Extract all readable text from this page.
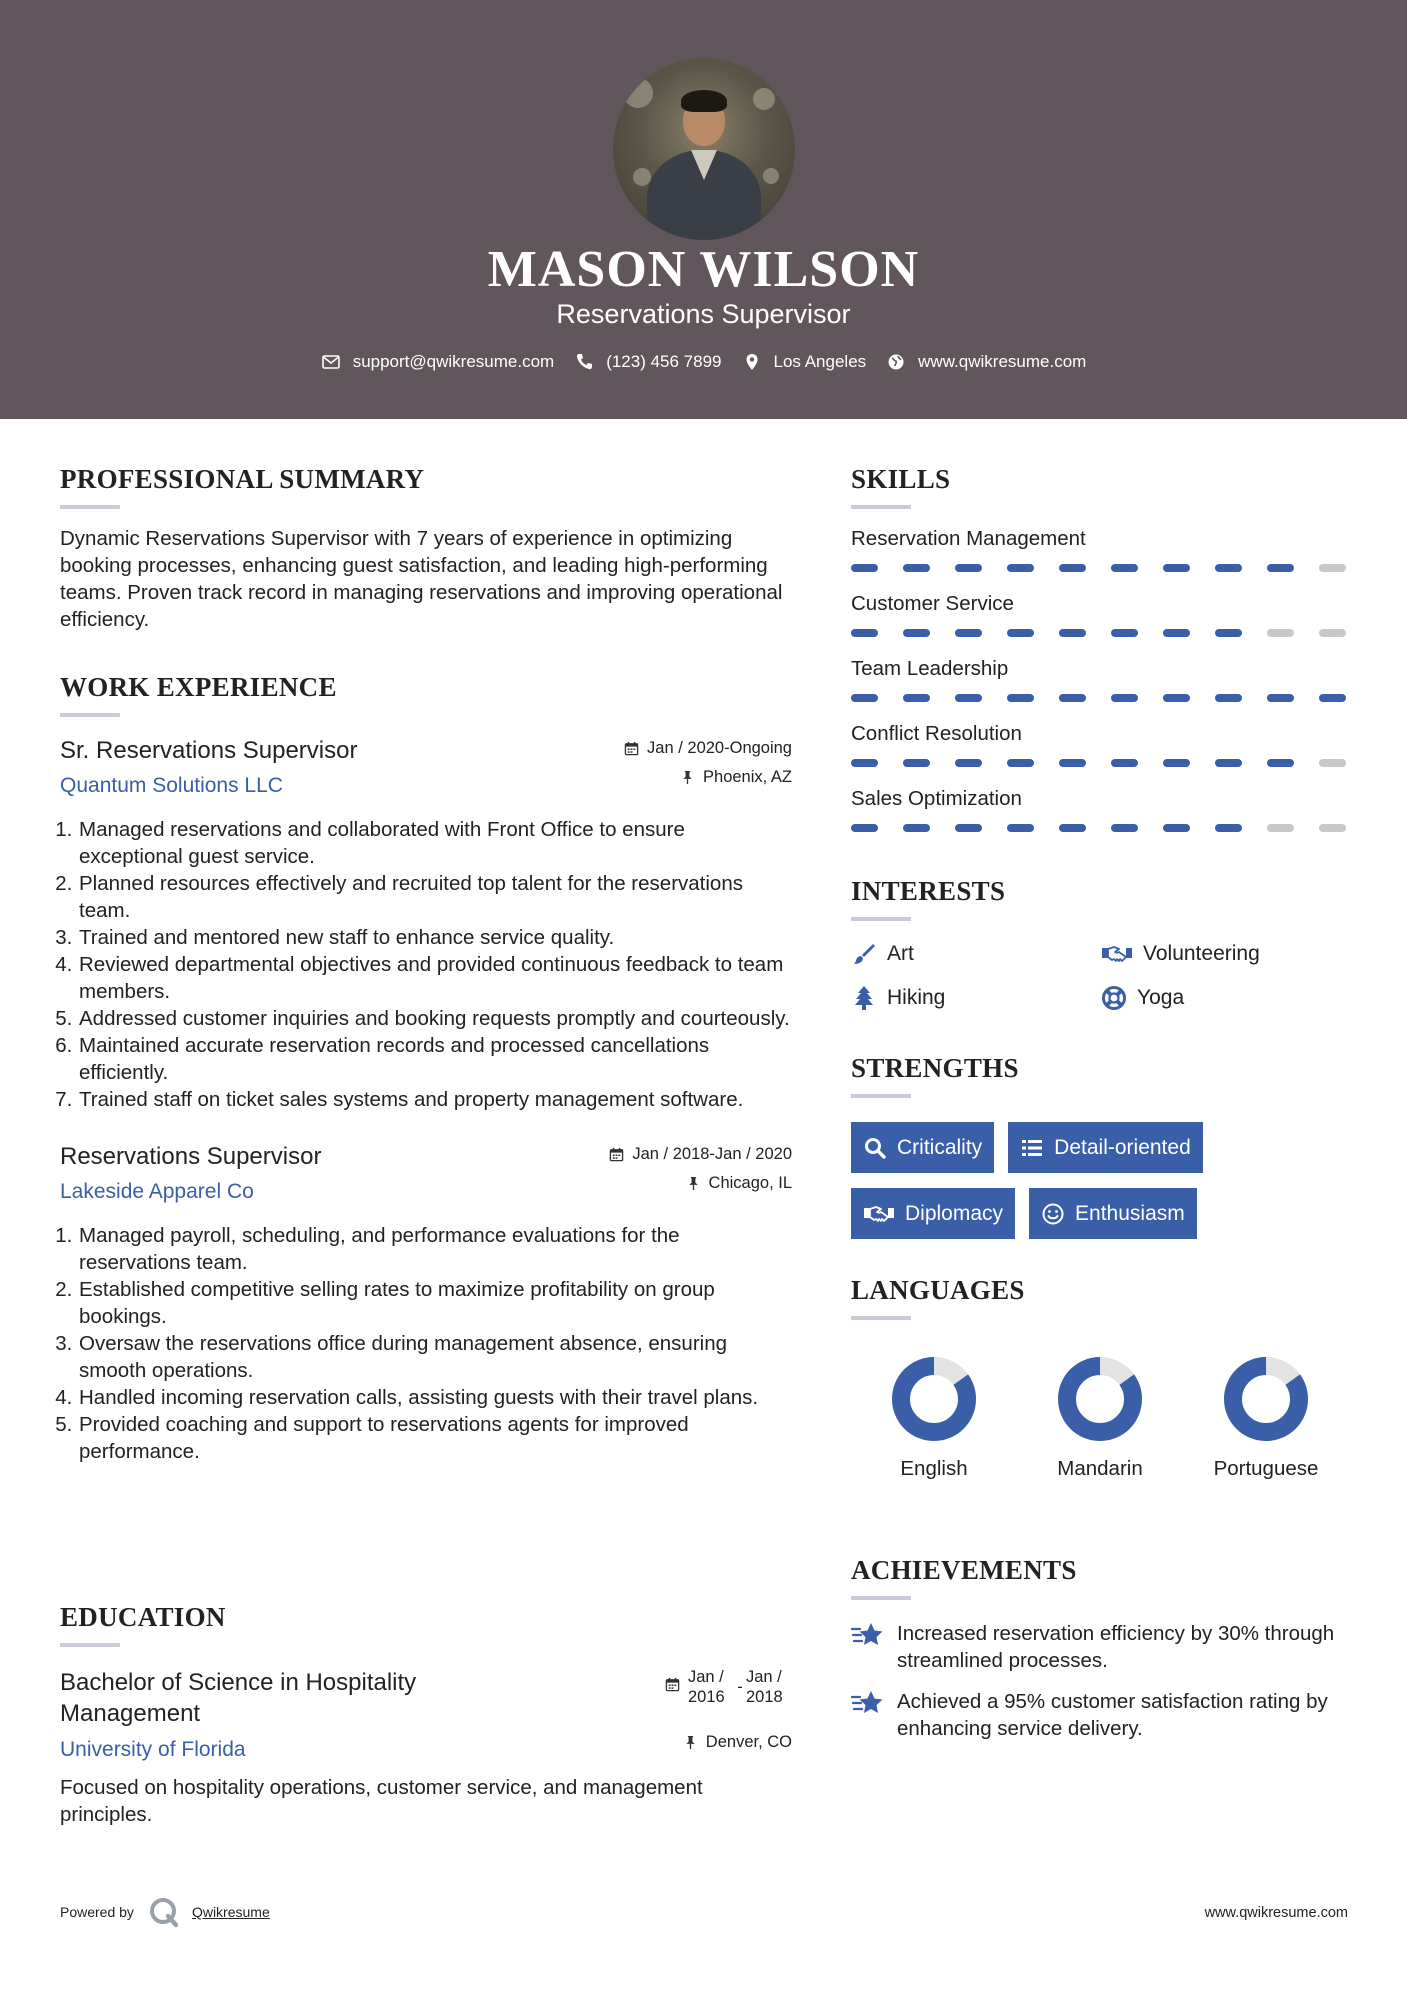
MASON WILSON
Reservations Supervisor
support@qwikresume.com	(123) 456 7899	Los Angeles	www.qwikresume.com
PROFESSIONAL SUMMARY

Dynamic Reservations Supervisor with 7 years of experience in optimizing booking processes, enhancing guest satisfaction, and leading high-performing teams. Proven track record in managing reservations and improving operational efficiency.

WORK EXPERIENCE
Sr. Reservations Supervisor
Quantum Solutions LLC
Jan / 2020-Ongoing
Phoenix, AZ
1. Managed reservations and collaborated with Front Office to ensure exceptional guest service.
2. Planned resources effectively and recruited top talent for the reservations team.
3. Trained and mentored new staff to enhance service quality.
4. Reviewed departmental objectives and provided continuous feedback to team members.
5. Addressed customer inquiries and booking requests promptly and courteously.
6. Maintained accurate reservation records and processed cancellations efficiently.
7. Trained staff on ticket sales systems and property management software.
Reservations Supervisor
Lakeside Apparel Co
Jan / 2018-Jan / 2020
Chicago, IL
1. Managed payroll, scheduling, and performance evaluations for the reservations team.
2. Established competitive selling rates to maximize profitability on group bookings.
3. Oversaw the reservations office during management absence, ensuring smooth operations.
4. Handled incoming reservation calls, assisting guests with their travel plans.
5. Provided coaching and support to reservations agents for improved performance.
EDUCATION
Bachelor of Science in Hospitality Management
University of Florida
Jan / 2016
-
Jan / 2018
Denver, CO

Focused on hospitality operations, customer service, and management principles.

SKILLS
Reservation Management
Customer Service
Team Leadership
Conflict Resolution
Sales Optimization
INTERESTS
Art	Volunteering
Hiking	Yoga
STRENGTHS
Criticality	Detail-oriented
Diplomacy	Enthusiasm
LANGUAGES
English	Mandarin	Portuguese
ACHIEVEMENTS
Increased reservation efficiency by 30% through streamlined processes.
Achieved a 95% customer satisfaction rating by enhancing service delivery.
Powered by	Qwikresume	www.qwikresume.com
